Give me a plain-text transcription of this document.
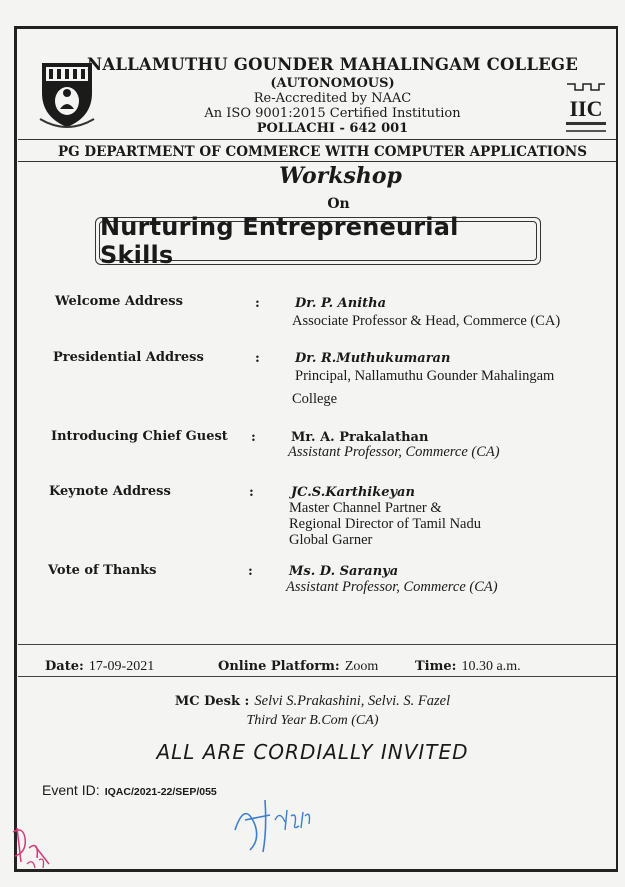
IIC
NALLAMUTHU GOUNDER MAHALINGAM COLLEGE
(AUTONOMOUS)
Re-Accredited by NAAC
An ISO 9001:2015 Certified Institution
POLLACHI - 642 001
PG DEPARTMENT OF COMMERCE WITH COMPUTER APPLICATIONS
Workshop
On
Nurturing Entrepreneurial Skills
Welcome Address	:	Dr. P. Anitha
Associate Professor & Head, Commerce (CA)
Presidential Address	:	Dr. R.Muthukumaran
Principal, Nallamuthu Gounder Mahalingam
College
Introducing Chief Guest :	Mr. A. Prakalathan
Assistant Professor, Commerce (CA)
Keynote Address	:	JC.S.Karthikeyan
Master Channel Partner &
Regional Director of Tamil Nadu
Global Garner
Vote of Thanks	:	Ms. D. Saranya
Assistant Professor, Commerce (CA)
Date: 17-09-2021	Online Platform: Zoom	Time: 10.30 a.m.
MC Desk : Selvi S.Prakashini, Selvi. S. Fazel
Third Year B.Com (CA)
ALL ARE CORDIALLY INVITED
Event ID: IQAC/2021-22/SEP/055
